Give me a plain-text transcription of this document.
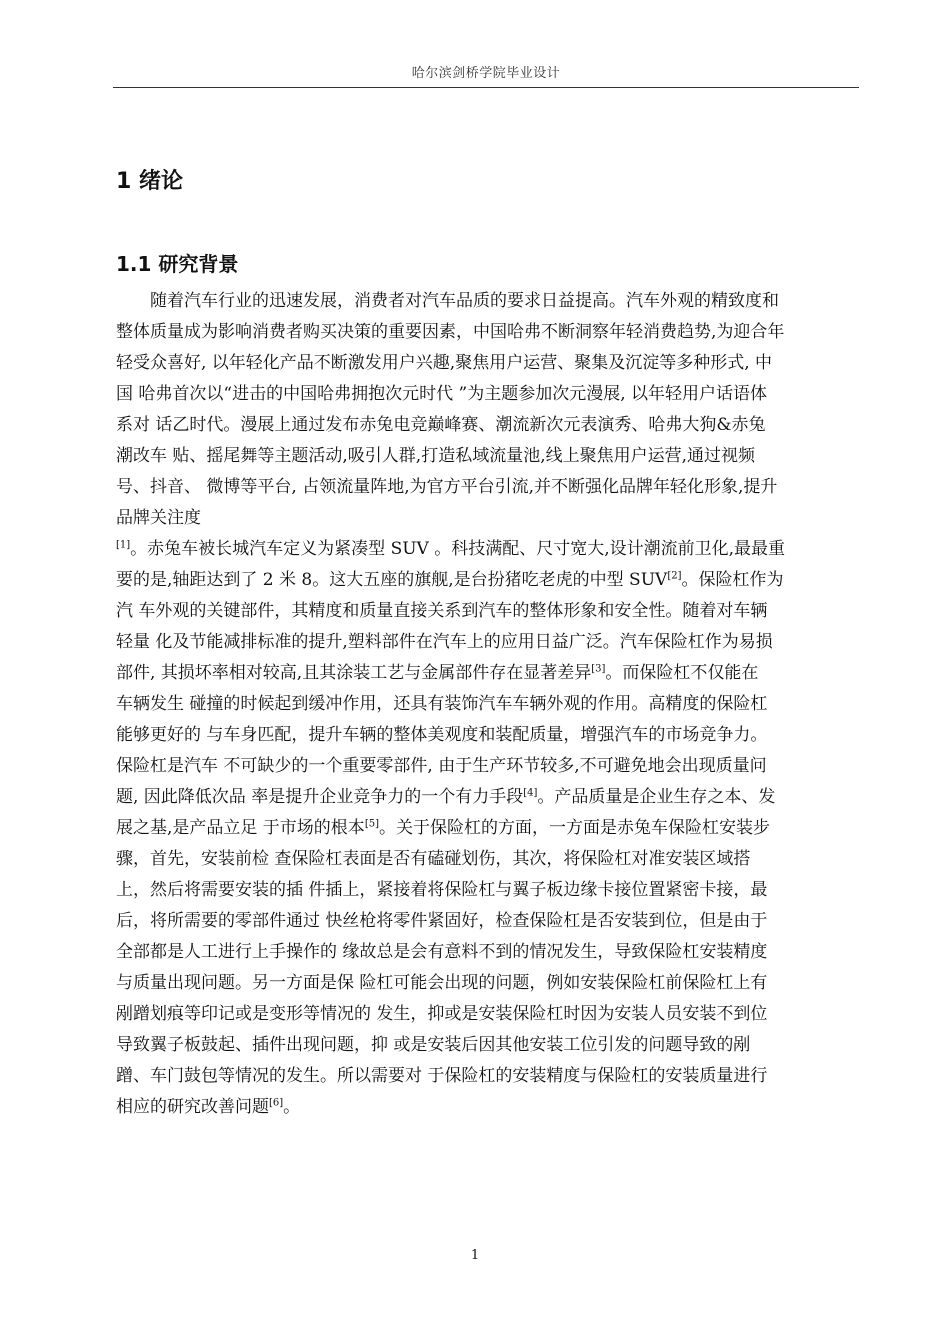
哈尔滨剑桥学院毕业设计
1 绪论
1.1 研究背景
随着汽车行业的迅速发展，消费者对汽车品质的要求日益提高。汽车外观的精致度和
整体质量成为影响消费者购买决策的重要因素，中国哈弗不断洞察年轻消费趋势,为迎合年
轻受众喜好, 以年轻化产品不断激发用户兴趣,聚焦用户运营、聚集及沉淀等多种形式, 中
国 哈弗首次以“进击的中国哈弗拥抱次元时代 ”为主题参加次元漫展, 以年轻用户话语体
系对 话乙时代。漫展上通过发布赤兔电竞巅峰赛、潮流新次元表演秀、哈弗大狗&赤兔
潮改车 贴、摇尾舞等主题活动,吸引人群,打造私域流量池,线上聚焦用户运营,通过视频
号、抖音、 微博等平台, 占领流量阵地,为官方平台引流,并不断强化品牌年轻化形象,提升
品牌关注度
[1]。赤兔车被长城汽车定义为紧凑型 SUV 。科技满配、尺寸宽大,设计潮流前卫化,最最重
要的是,轴距达到了 2 米 8。这大五座的旗舰,是台扮猪吃老虎的中型 SUV[2]。保险杠作为
汽 车外观的关键部件，其精度和质量直接关系到汽车的整体形象和安全性。随着对车辆
轻量 化及节能减排标准的提升,塑料部件在汽车上的应用日益广泛。汽车保险杠作为易损
部件, 其损坏率相对较高,且其涂装工艺与金属部件存在显著差异[3]。而保险杠不仅能在
车辆发生 碰撞的时候起到缓冲作用，还具有装饰汽车车辆外观的作用。高精度的保险杠
能够更好的 与车身匹配，提升车辆的整体美观度和装配质量，增强汽车的市场竞争力。
保险杠是汽车 不可缺少的一个重要零部件, 由于生产环节较多,不可避免地会出现质量问
题, 因此降低次品 率是提升企业竞争力的一个有力手段[4]。产品质量是企业生存之本、发
展之基,是产品立足 于市场的根本[5]。关于保险杠的方面，一方面是赤兔车保险杠安装步
骤，首先，安装前检 查保险杠表面是否有磕碰划伤，其次，将保险杠对准安装区域搭
上，然后将需要安装的插 件插上，紧接着将保险杠与翼子板边缘卡接位置紧密卡接，最
后，将所需要的零部件通过 快丝枪将零件紧固好，检查保险杠是否安装到位，但是由于
全部都是人工进行上手操作的 缘故总是会有意料不到的情况发生，导致保险杠安装精度
与质量出现问题。另一方面是保 险杠可能会出现的问题，例如安装保险杠前保险杠上有
剐蹭划痕等印记或是变形等情况的 发生，抑或是安装保险杠时因为安装人员安装不到位
导致翼子板鼓起、插件出现问题，抑 或是安装后因其他安装工位引发的问题导致的剐
蹭、车门鼓包等情况的发生。所以需要对 于保险杠的安装精度与保险杠的安装质量进行
相应的研究改善问题[6]。
1
